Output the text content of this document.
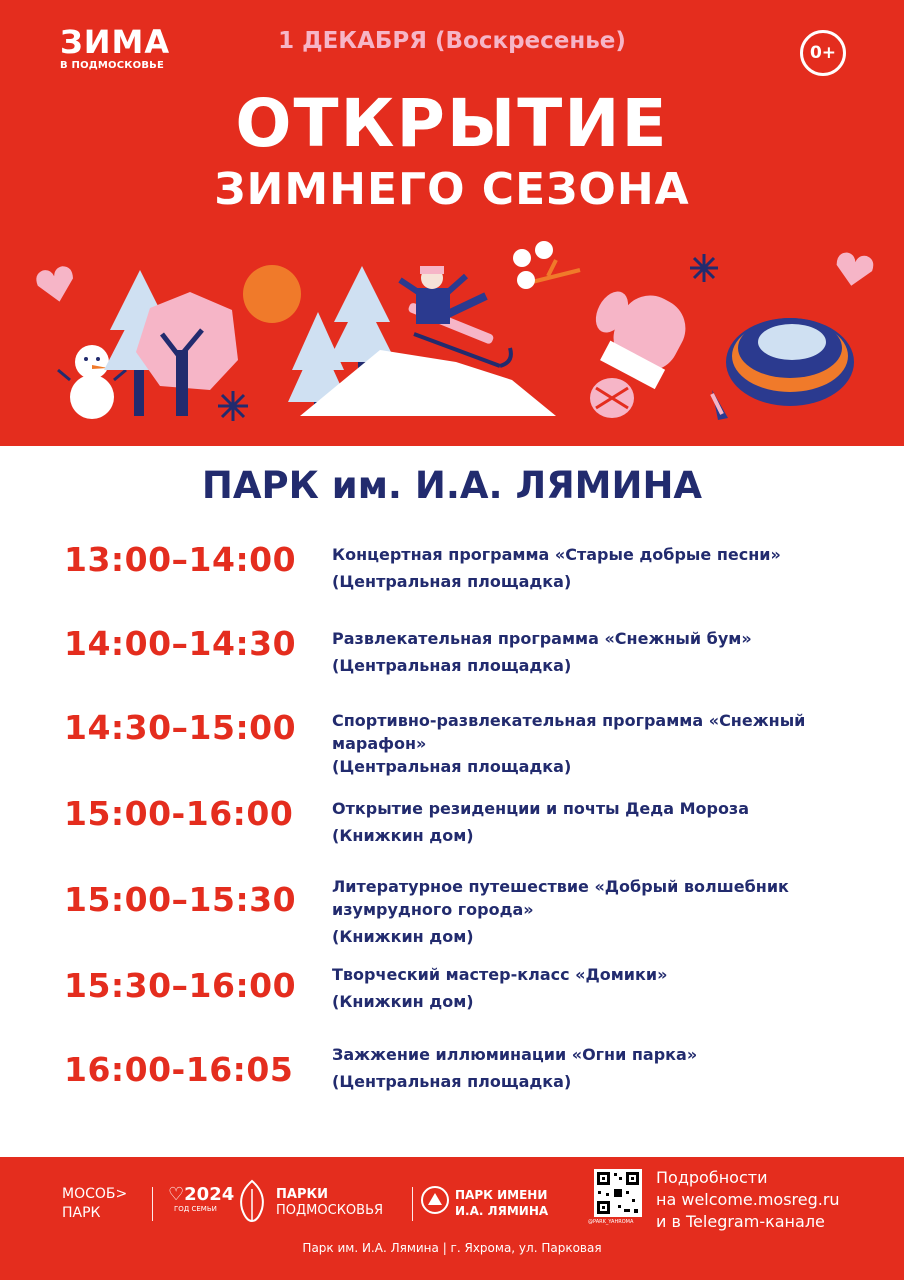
ЗИМА
В ПОДМОСКОВЬЕ
1 ДЕКАБРЯ (Воскресенье)	0+
ОТКРЫТИЕ
ЗИМНЕГО СЕЗОНА
ПАРК им. И.А. ЛЯМИНА
13:00–14:00 Концертная программа «Старые добрые песни»
(Центральная площадка)
14:00–14:30 Развлекательная программа «Снежный бум»
(Центральная площадка)
14:30–15:00 Спортивно-развлекательная программа «Снежный марафон»
(Центральная площадка)
15:00-16:00 Открытие резиденции и почты Деда Мороза
(Книжкин дом)
15:00–15:30 Литературное путешествие «Добрый волшебник изумрудного города»
(Книжкин дом)
15:30–16:00 Творческий мастер-класс «Домики»
(Книжкин дом)
16:00-16:05 Зажжение иллюминации «Огни парка»
(Центральная площадка)
МОСОБ>
ПАРК
♡2024
ГОД СЕМЬИ
ПАРКИ
ПОДМОСКОВЬЯ
ПАРК ИМЕНИ
И.А. ЛЯМИНА
@PARK_YAHROMA
Подробности
на welcome.mosreg.ru
и в Telegram-канале
Парк им. И.А. Лямина | г. Яхрома, ул. Парковая
